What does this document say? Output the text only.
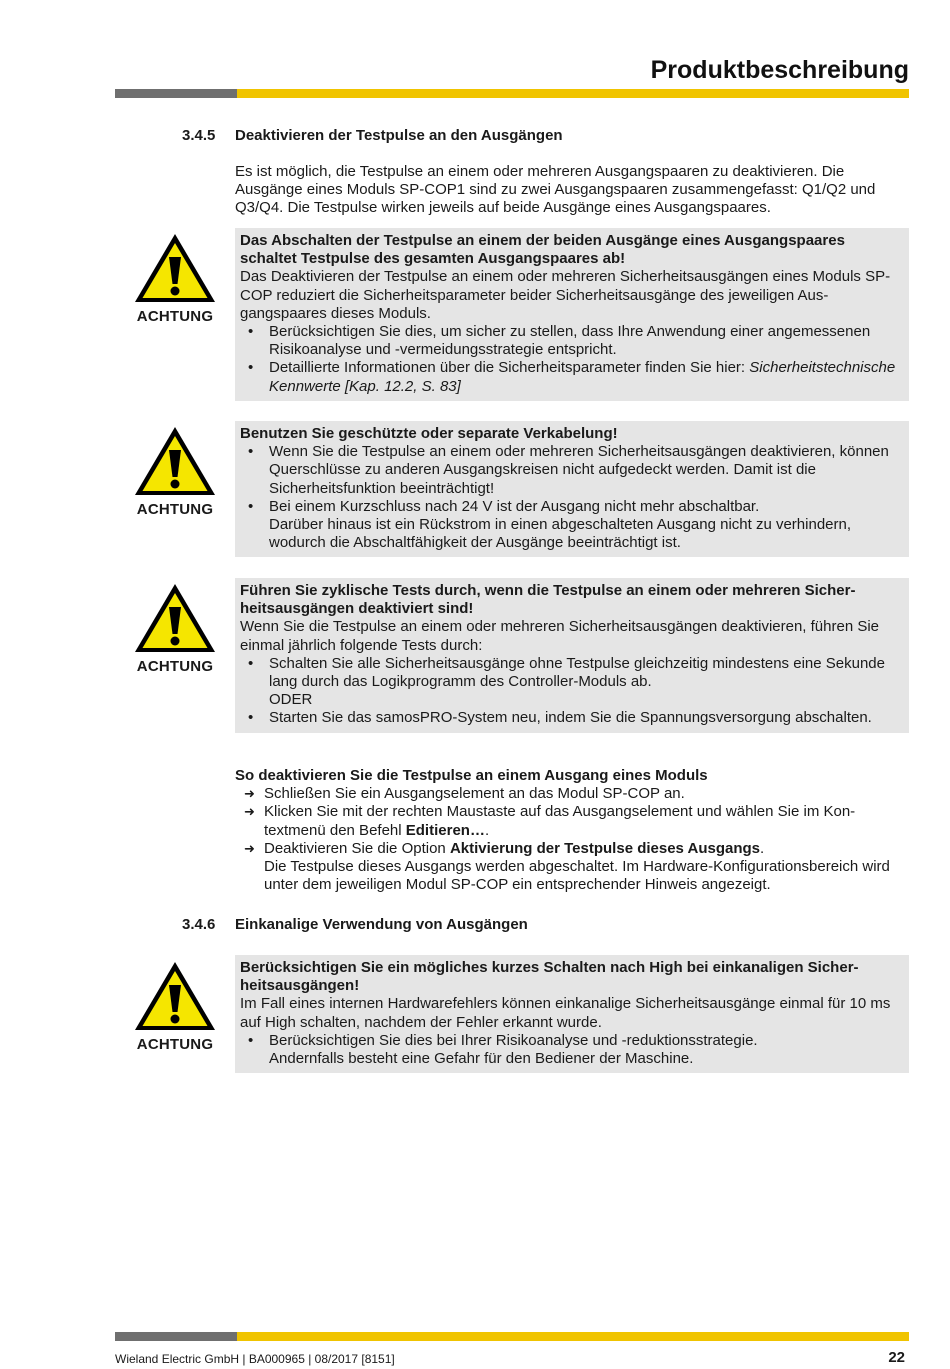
Produktbeschreibung
3.4.5 Deaktivieren der Testpulse an den Ausgängen

Es ist möglich, die Testpulse an einem oder mehreren Ausgangspaaren zu deaktivieren. Die Ausgänge eines Moduls SP-COP1 sind zu zwei Ausgangspaaren zusammengefasst: Q1/Q2 und Q3/Q4. Die Testpulse wirken jeweils auf beide Ausgänge eines Ausgangspaares.

ACHTUNG
Das Abschalten der Testpulse an einem der beiden Ausgänge eines Ausgangspaares schaltet Testpulse des gesamten Ausgangspaares ab!
Das Deaktivieren der Testpulse an einem oder mehreren Sicherheitsausgängen eines Moduls SP-COP reduziert die Sicherheitsparameter beider Sicherheitsausgänge des jeweiligen Ausgangspaares dieses Moduls.
• Berücksichtigen Sie dies, um sicher zu stellen, dass Ihre Anwendung einer angemessenen Risikoanalyse und -vermeidungsstrategie entspricht.
• Detaillierte Informationen über die Sicherheitsparameter finden Sie hier: Sicherheitstechnische Kennwerte [Kap. 12.2, S. 83]
ACHTUNG
Benutzen Sie geschützte oder separate Verkabelung!
• Wenn Sie die Testpulse an einem oder mehreren Sicherheitsausgängen deaktivieren, können Querschlüsse zu anderen Ausgangskreisen nicht aufgedeckt werden. Damit ist die Sicherheitsfunktion beeinträchtigt!
• Bei einem Kurzschluss nach 24 V ist der Ausgang nicht mehr abschaltbar.
Darüber hinaus ist ein Rückstrom in einen abgeschalteten Ausgang nicht zu verhindern, wodurch die Abschaltfähigkeit der Ausgänge beeinträchtigt ist.
ACHTUNG
Führen Sie zyklische Tests durch, wenn die Testpulse an einem oder mehreren Sicherheitsausgängen deaktiviert sind!
Wenn Sie die Testpulse an einem oder mehreren Sicherheitsausgängen deaktivieren, führen Sie einmal jährlich folgende Tests durch:
• Schalten Sie alle Sicherheitsausgänge ohne Testpulse gleichzeitig mindestens eine Sekunde lang durch das Logikprogramm des Controller-Moduls ab.
ODER
• Starten Sie das samosPRO-System neu, indem Sie die Spannungsversorgung abschalten.
So deaktivieren Sie die Testpulse an einem Ausgang eines Moduls
➜ Schließen Sie ein Ausgangselement an das Modul SP-COP an.
➜ Klicken Sie mit der rechten Maustaste auf das Ausgangselement und wählen Sie im Kontextmenü den Befehl Editieren….
➜ Deaktivieren Sie die Option Aktivierung der Testpulse dieses Ausgangs.
Die Testpulse dieses Ausgangs werden abgeschaltet. Im Hardware-Konfigurationsbereich wird unter dem jeweiligen Modul SP-COP ein entsprechender Hinweis angezeigt.
3.4.6 Einkanalige Verwendung von Ausgängen
ACHTUNG
Berücksichtigen Sie ein mögliches kurzes Schalten nach High bei einkanaligen Sicherheitsausgängen!
Im Fall eines internen Hardwarefehlers können einkanalige Sicherheitsausgänge einmal für 10 ms auf High schalten, nachdem der Fehler erkannt wurde.
• Berücksichtigen Sie dies bei Ihrer Risikoanalyse und -reduktionsstrategie.
Andernfalls besteht eine Gefahr für den Bediener der Maschine.
Wieland Electric GmbH | BA000965 | 08/2017 [8151]	22
